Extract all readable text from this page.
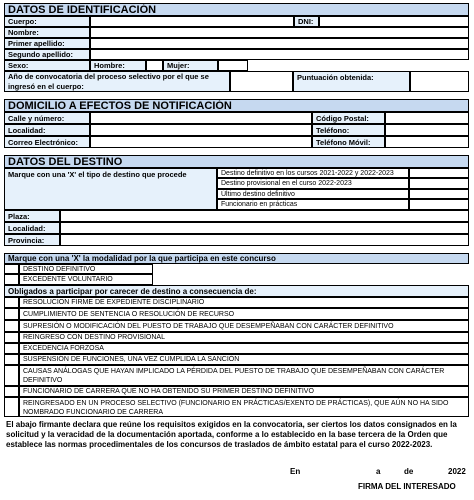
DATOS DE IDENTIFICACIÓN
Cuerpo:	DNI:
Nombre:
Primer apellido:
Segundo apellido:
Sexo:	Hombre:	Mujer:
Año de convocatoria del proceso selectivo por el que se
ingresó en el cuerpo:
Puntuación obtenida:
DOMICILIO A EFECTOS DE NOTIFICACIÓN
Calle y número:	Código Postal:
Localidad:	Teléfono:
Correo Electrónico:	Teléfono Móvil:
DATOS DEL DESTINO
Marque con una 'X' el tipo de destino que procede	Destino definitivo en los cursos 2021-2022 y 2022-2023
Destino provisional en el curso 2022-2023
Último destino definitivo
Funcionario en prácticas
Plaza:
Localidad:
Provincia:
Marque con una 'X' la modalidad por la que participa en este concurso
DESTINO DEFINITIVO
EXCEDENTE VOLUNTARIO
Obligados a participar por carecer de destino a consecuencia de:
RESOLUCION FIRME DE EXPEDIENTE DISCIPLINARIO
CUMPLIMIENTO DE SENTENCIA O RESOLUCIÓN DE RECURSO
SUPRESIÓN O MODIFICACIÓN DEL PUESTO DE TRABAJO QUE DESEMPEÑABAN CON CARÁCTER DEFINITIVO
REINGRESO CON DESTINO PROVISIONAL
EXCEDENCIA FORZOSA
SUSPENSIÓN DE FUNCIONES, UNA VEZ CUMPLIDA LA SANCIÓN
CAUSAS ANÁLOGAS QUE HAYAN IMPLICADO LA PÉRDIDA DEL PUESTO DE TRABAJO QUE DESEMPEÑABAN CON CARÁCTER DEFINITIVO
FUNCIONARIO DE CARRERA QUE NO HA OBTENIDO SU PRIMER DESTINO DEFINITIVO
REINGRESADO EN UN PROCESO SELECTIVO (FUNCIONARIO EN PRÁCTICAS/EXENTO DE PRÁCTICAS), QUE AÚN NO HA SIDO NOMBRADO FUNCIONARIO DE CARRERA
El abajo firmante declara que reúne los requisitos exigidos en la convocatoria, ser ciertos los datos consignados en la solicitud y la veracidad de la documentación aportada, conforme a lo establecido en la base tercera de la Orden que establece las normas procedimentales de los concursos de traslados de ámbito estatal para el curso 2022-2023.
En	a	de	2022
FIRMA DEL INTERESADO
